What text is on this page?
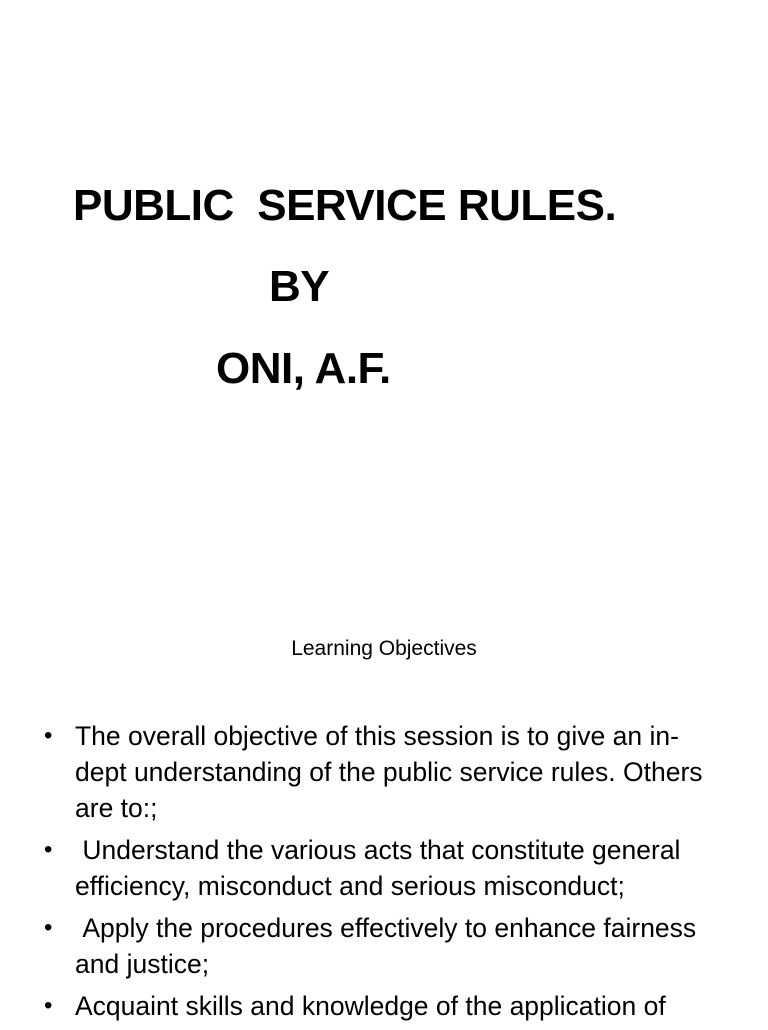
PUBLIC  SERVICE RULES.
BY
ONI, A.F.
Learning Objectives
• The overall objective of this session is to give an in-dept understanding of the public service rules. Others are to:;
• Understand the various acts that constitute general efficiency, misconduct and serious misconduct;
• Apply the procedures effectively to enhance fairness and justice;
• Acquaint skills and knowledge of the application of
